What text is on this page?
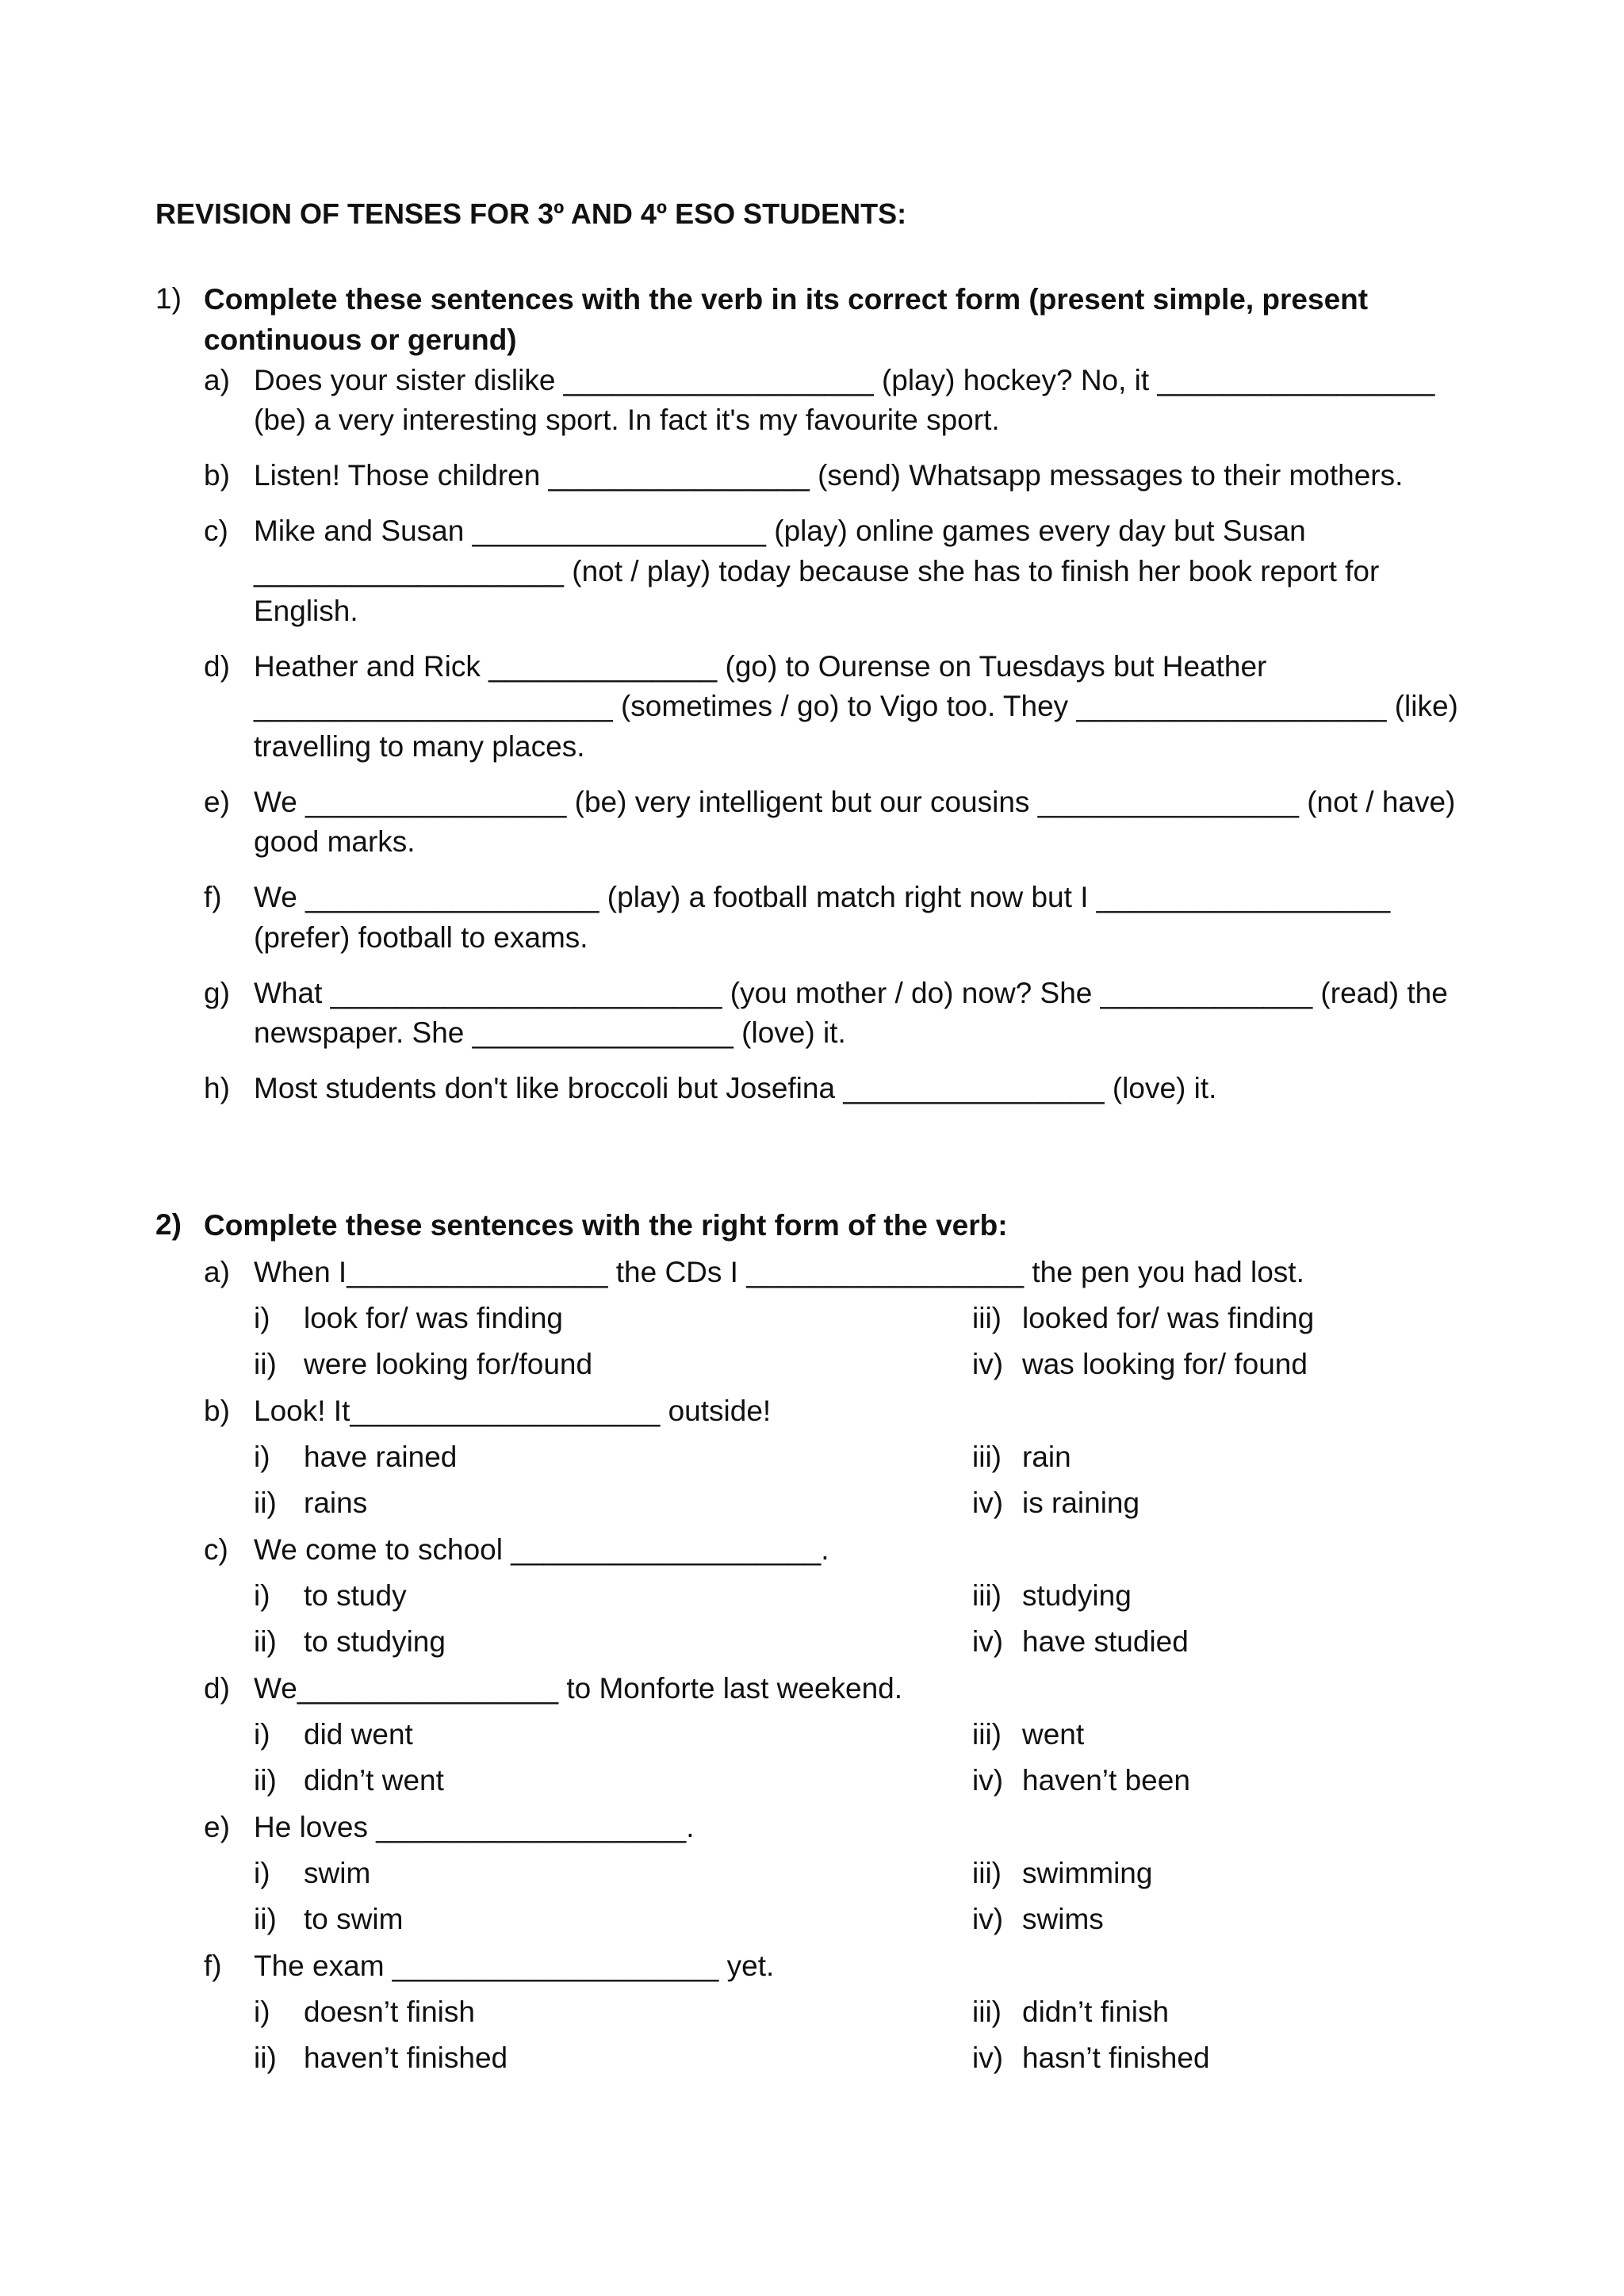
REVISION OF TENSES FOR 3º AND 4º ESO STUDENTS:
1) Complete these sentences with the verb in its correct form (present simple, present
continuous or gerund)
a) Does your sister dislike ___________________ (play) hockey? No, it _________________
(be) a very interesting sport. In fact it's my favourite sport.
b) Listen! Those children ________________ (send) Whatsapp messages to their mothers.
c) Mike and Susan __________________ (play) online games every day but Susan
___________________ (not / play) today because she has to finish her book report for
English.
d) Heather and Rick ______________ (go) to Ourense on Tuesdays but Heather
______________________ (sometimes / go) to Vigo too. They ___________________ (like)
travelling to many places.
e) We ________________ (be) very intelligent but our cousins ________________ (not / have)
good marks.
f) We __________________ (play) a football match right now but I __________________
(prefer) football to exams.
g) What ________________________ (you mother / do) now? She _____________ (read) the
newspaper. She ________________ (love) it.
h) Most students don't like broccoli but Josefina ________________ (love) it.
2) Complete these sentences with the right form of the verb:
a) When I________________ the CDs I _________________ the pen you had lost.
i) look for/ was finding
ii) were looking for/found
iii) looked for/ was finding
iv) was looking for/ found
b) Look! It___________________ outside!
i) have rained
ii) rains
iii) rain
iv) is raining
c) We come to school ___________________.
i) to study
ii) to studying
iii) studying
iv) have studied
d) We________________ to Monforte last weekend.
i) did went
ii) didn’t went
iii) went
iv) haven’t been
e) He loves ___________________.
i) swim
ii) to swim
iii) swimming
iv) swims
f) The exam ____________________ yet.
i) doesn’t finish
ii) haven’t finished
iii) didn’t finish
iv) hasn’t finished
